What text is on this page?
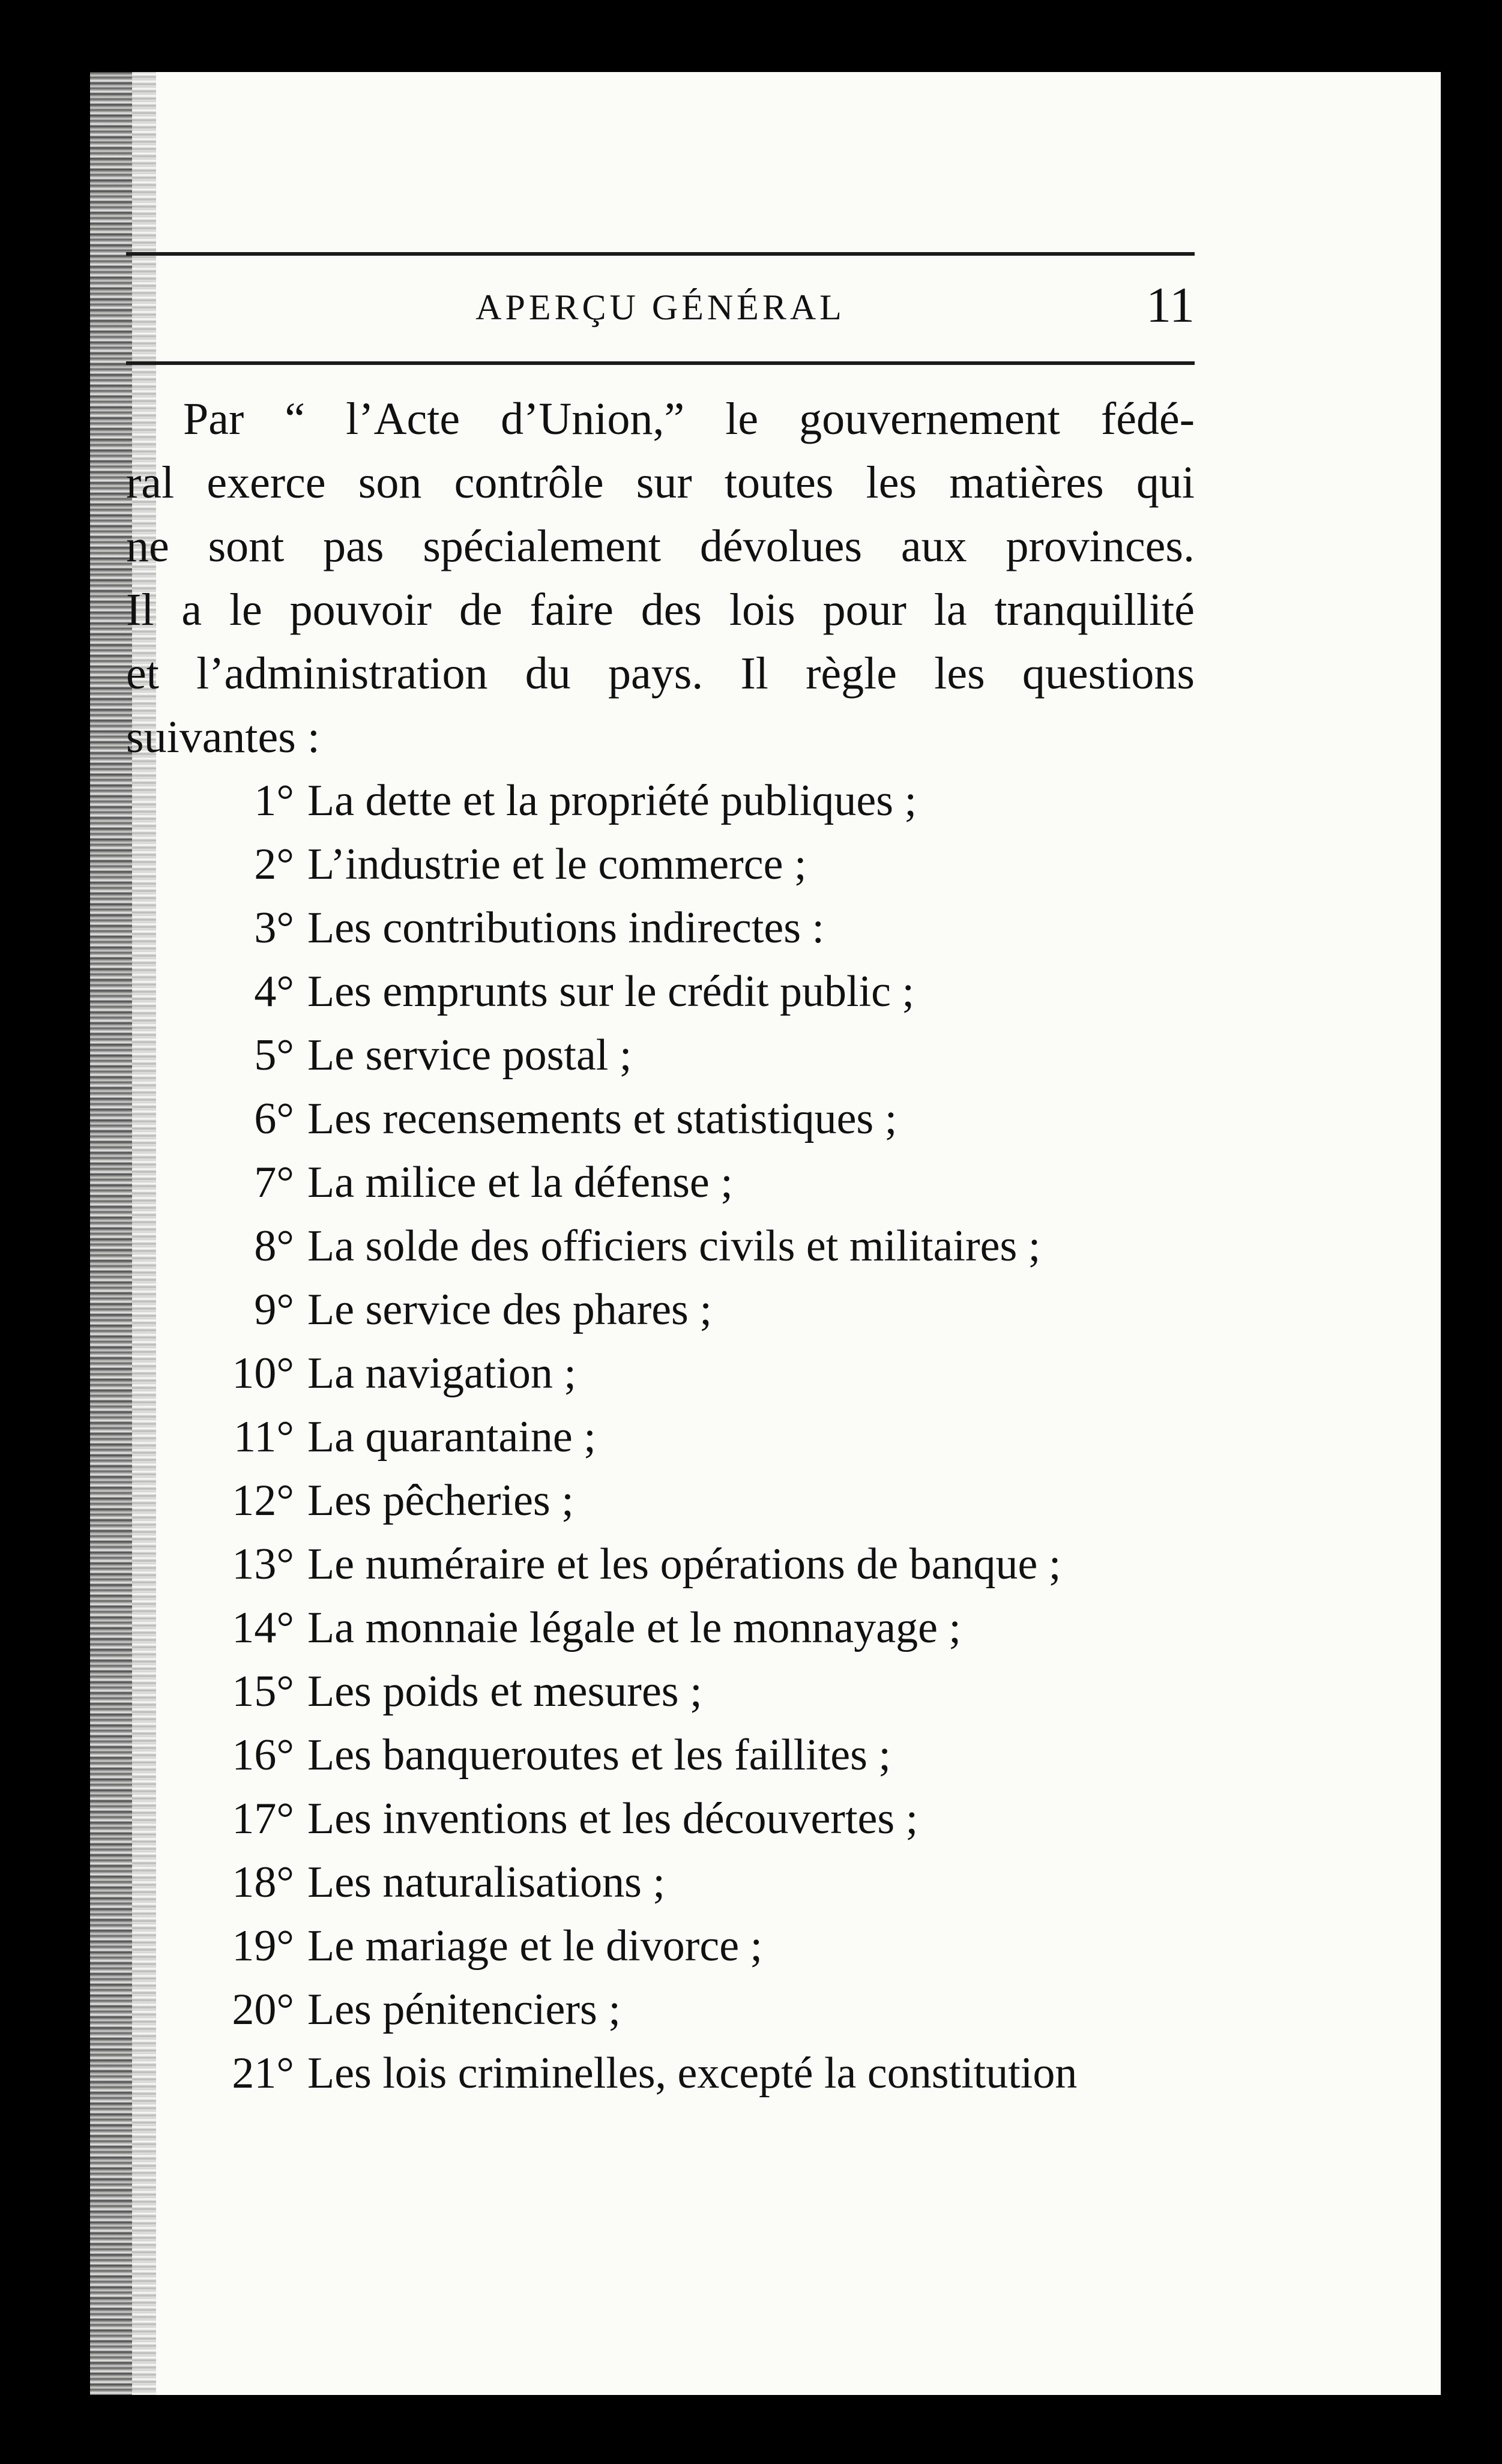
APERÇU GÉNÉRAL	11
Par “ l’Acte d’Union,” le gouvernement fédé-
ral exerce son contrôle sur toutes les matières qui
ne sont pas spécialement dévolues aux provinces.
Il a le pouvoir de faire des lois pour la tranquillité
et l’administration du pays. Il règle les questions
suivantes :
1° La dette et la propriété publiques ;
2° L’industrie et le commerce ;
3° Les contributions indirectes :
4° Les emprunts sur le crédit public ;
5° Le service postal ;
6° Les recensements et statistiques ;
7° La milice et la défense ;
8° La solde des officiers civils et militaires ;
9° Le service des phares ;
10° La navigation ;
11° La quarantaine ;
12° Les pêcheries ;
13° Le numéraire et les opérations de banque ;
14° La monnaie légale et le monnayage ;
15° Les poids et mesures ;
16° Les banqueroutes et les faillites ;
17° Les inventions et les découvertes ;
18° Les naturalisations ;
19° Le mariage et le divorce ;
20° Les pénitenciers ;
21° Les lois criminelles, excepté la constitution
